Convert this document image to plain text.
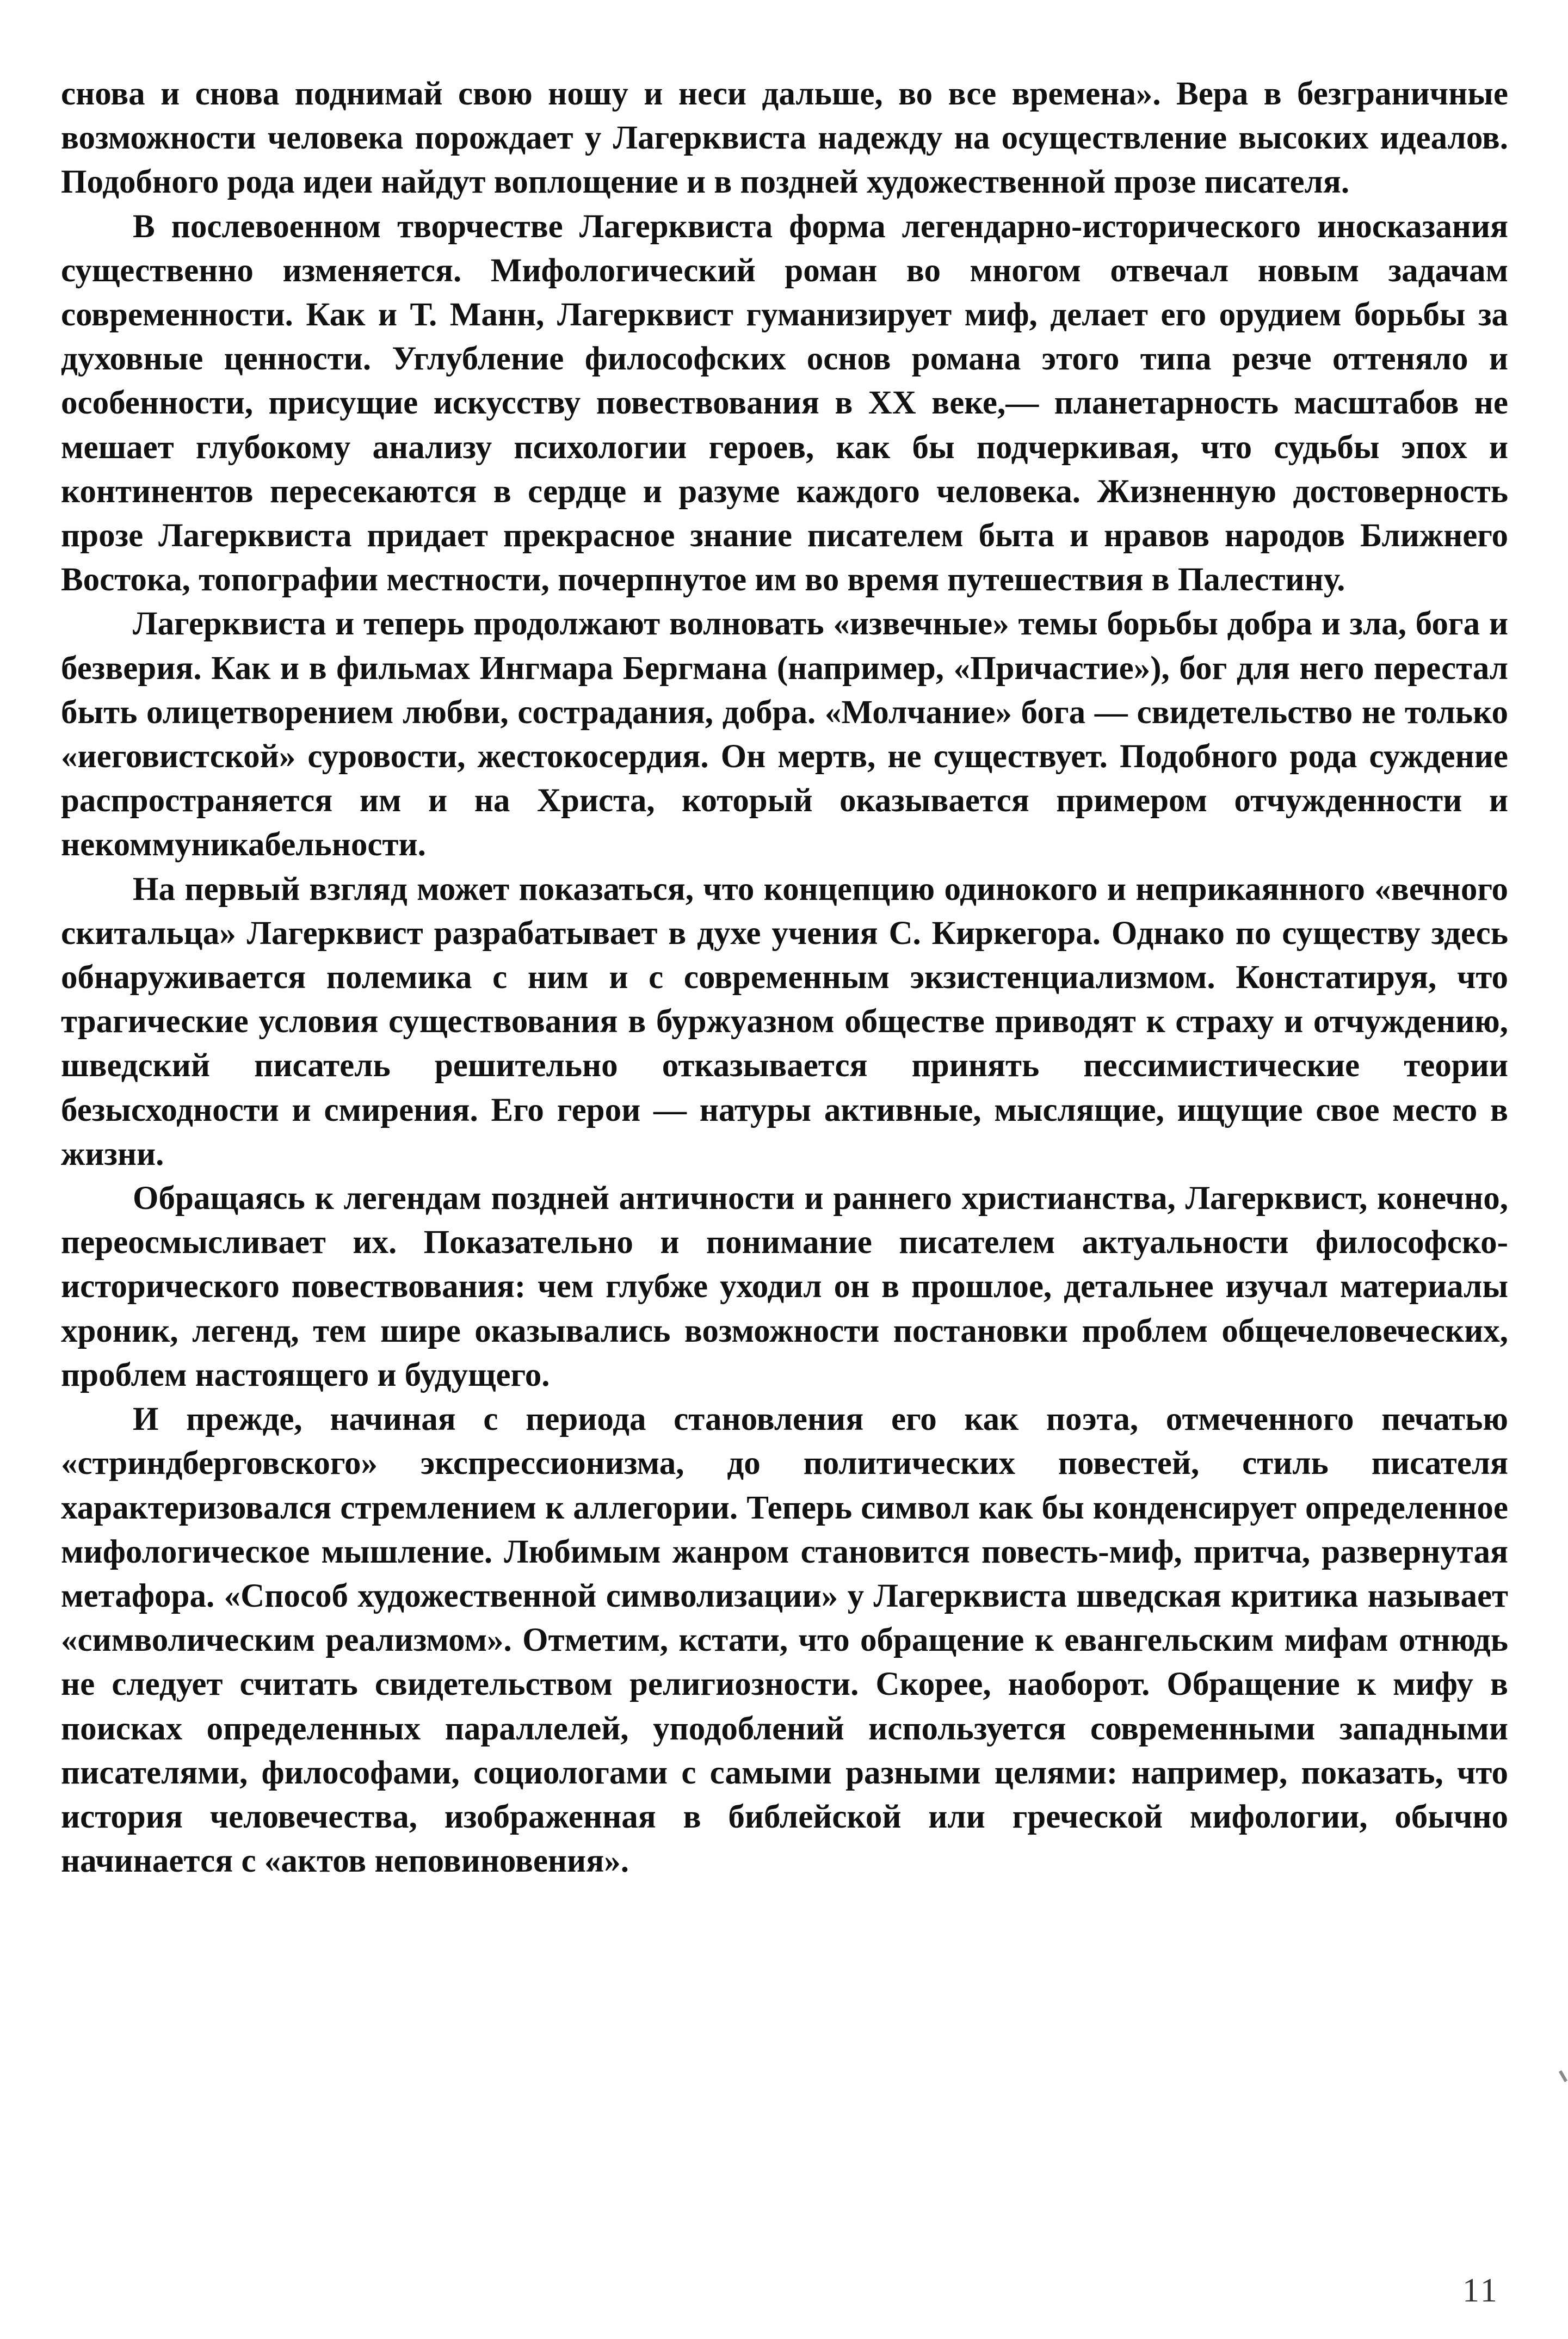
снова и снова поднимай свою ношу и неси дальше, во все времена». Вера в безграничные возможности человека порождает у Лагерквиста надежду на осуществление высоких идеалов. Подобного рода идеи найдут воплощение и в поздней художественной прозе писателя.

В послевоенном творчестве Лагерквиста форма легендарно-исторического иносказания существенно изменяется. Мифологический роман во многом отвечал новым задачам современности. Как и Т. Манн, Лагерквист гуманизирует миф, делает его орудием борьбы за духовные ценности. Углубление философских основ романа этого типа резче оттеняло и особенности, присущие искусству повествования в XX веке,— планетарность масштабов не мешает глубокому анализу психологии героев, как бы подчеркивая, что судьбы эпох и континентов пересекаются в сердце и разуме каждого человека. Жизненную достоверность прозе Лагерквиста придает прекрасное знание писателем быта и нравов народов Ближнего Востока, топографии местности, почерпнутое им во время путешествия в Палестину.

Лагерквиста и теперь продолжают волновать «извечные» темы борьбы добра и зла, бога и безверия. Как и в фильмах Ингмара Бергмана (например, «Причастие»), бог для него перестал быть олицетворением любви, сострадания, добра. «Молчание» бога — свидетельство не только «иеговистской» суровости, жестокосердия. Он мертв, не существует. Подобного рода суждение распространяется им и на Христа, который оказывается примером отчужденности и некоммуникабельности.

На первый взгляд может показаться, что концепцию одинокого и неприкаянного «вечного скитальца» Лагерквист разрабатывает в духе учения С. Киркегора. Однако по существу здесь обнаруживается полемика с ним и с современным экзистенциализмом. Констатируя, что трагические условия существования в буржуазном обществе приводят к страху и отчуждению, шведский писатель решительно отказывается принять пессимистические теории безысходности и смирения. Его герои — натуры активные, мыслящие, ищущие свое место в жизни.

Обращаясь к легендам поздней античности и раннего христианства, Лагерквист, конечно, переосмысливает их. Показательно и понимание писателем актуальности философско-исторического повествования: чем глубже уходил он в прошлое, детальнее изучал материалы хроник, легенд, тем шире оказывались возможности постановки проблем общечеловеческих, проблем настоящего и будущего.

И прежде, начиная с периода становления его как поэта, отмеченного печатью «стриндберговского» экспрессионизма, до политических повестей, стиль писателя характеризовался стремлением к аллегории. Теперь символ как бы конденсирует определенное мифологическое мышление. Любимым жанром становится повесть-миф, притча, развернутая метафора. «Способ художественной символизации» у Лагерквиста шведская критика называет «символическим реализмом». Отметим, кстати, что обращение к евангельским мифам отнюдь не следует считать свидетельством религиозности. Скорее, наоборот. Обращение к мифу в поисках определенных параллелей, уподоблений используется современными западными писателями, философами, социологами с самыми разными целями: например, показать, что история человечества, изображенная в библейской или греческой мифологии, обычно начинается с «актов неповиновения».

11
